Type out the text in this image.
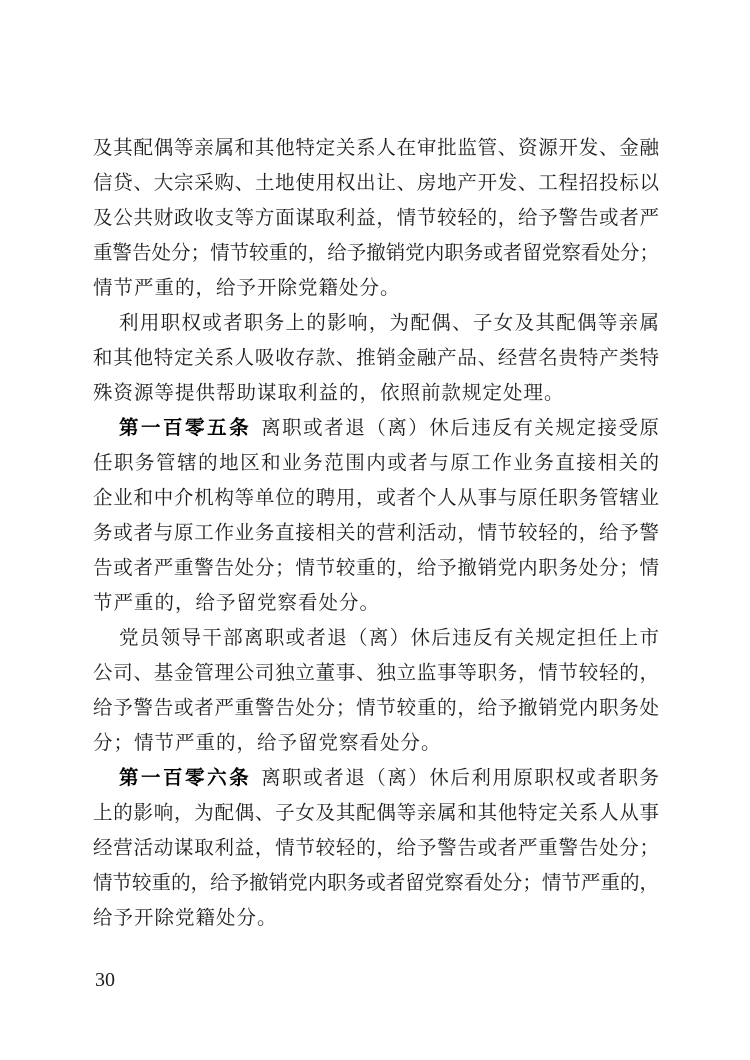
及其配偶等亲属和其他特定关系人在审批监管、资源开发、金融
信贷、大宗采购、土地使用权出让、房地产开发、工程招投标以
及公共财政收支等方面谋取利益，情节较轻的，给予警告或者严
重警告处分；情节较重的，给予撤销党内职务或者留党察看处分；
情节严重的，给予开除党籍处分。
利用职权或者职务上的影响，为配偶、子女及其配偶等亲属
和其他特定关系人吸收存款、推销金融产品、经营名贵特产类特
殊资源等提供帮助谋取利益的，依照前款规定处理。
第一百零五条 离职或者退（离）休后违反有关规定接受原
任职务管辖的地区和业务范围内或者与原工作业务直接相关的
企业和中介机构等单位的聘用，或者个人从事与原任职务管辖业
务或者与原工作业务直接相关的营利活动，情节较轻的，给予警
告或者严重警告处分；情节较重的，给予撤销党内职务处分；情
节严重的，给予留党察看处分。
党员领导干部离职或者退（离）休后违反有关规定担任上市
公司、基金管理公司独立董事、独立监事等职务，情节较轻的，
给予警告或者严重警告处分；情节较重的，给予撤销党内职务处
分；情节严重的，给予留党察看处分。
第一百零六条 离职或者退（离）休后利用原职权或者职务
上的影响，为配偶、子女及其配偶等亲属和其他特定关系人从事
经营活动谋取利益，情节较轻的，给予警告或者严重警告处分；
情节较重的，给予撤销党内职务或者留党察看处分；情节严重的，
给予开除党籍处分。
30
